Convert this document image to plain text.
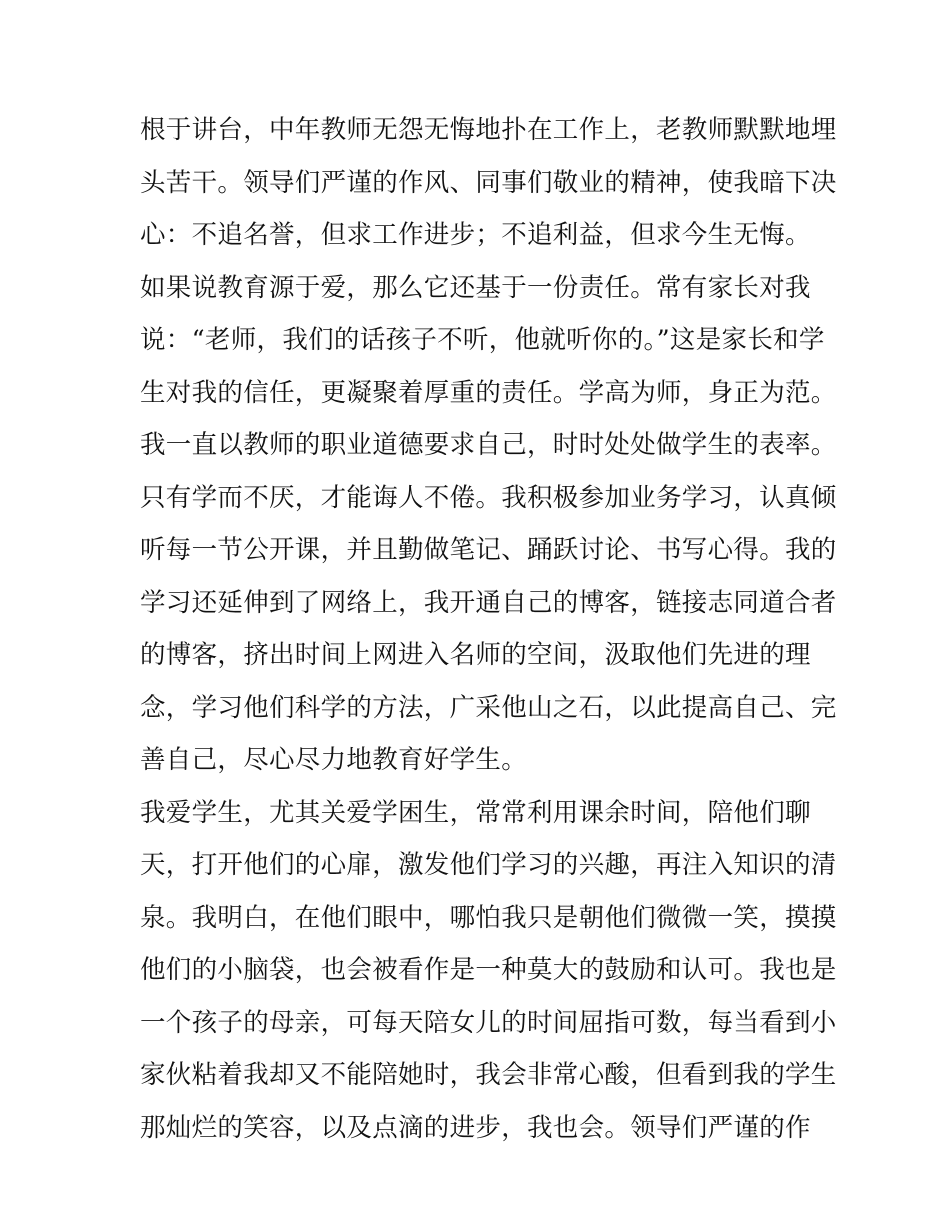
根于讲台，中年教师无怨无悔地扑在工作上，老教师默默地埋
头苦干。领导们严谨的作风、同事们敬业的精神，使我暗下决
心：不追名誉，但求工作进步；不追利益，但求今生无悔。
如果说教育源于爱，那么它还基于一份责任。常有家长对我
说：“老师，我们的话孩子不听，他就听你的。”这是家长和学
生对我的信任，更凝聚着厚重的责任。学高为师，身正为范。
我一直以教师的职业道德要求自己，时时处处做学生的表率。
只有学而不厌，才能诲人不倦。我积极参加业务学习，认真倾
听每一节公开课，并且勤做笔记、踊跃讨论、书写心得。我的
学习还延伸到了网络上，我开通自己的博客，链接志同道合者
的博客，挤出时间上网进入名师的空间，汲取他们先进的理
念，学习他们科学的方法，广采他山之石，以此提高自己、完
善自己，尽心尽力地教育好学生。
我爱学生，尤其关爱学困生，常常利用课余时间，陪他们聊
天，打开他们的心扉，激发他们学习的兴趣，再注入知识的清
泉。我明白，在他们眼中，哪怕我只是朝他们微微一笑，摸摸
他们的小脑袋，也会被看作是一种莫大的鼓励和认可。我也是
一个孩子的母亲，可每天陪女儿的时间屈指可数，每当看到小
家伙粘着我却又不能陪她时，我会非常心酸，但看到我的学生
那灿烂的笑容，以及点滴的进步，我也会。领导们严谨的作
